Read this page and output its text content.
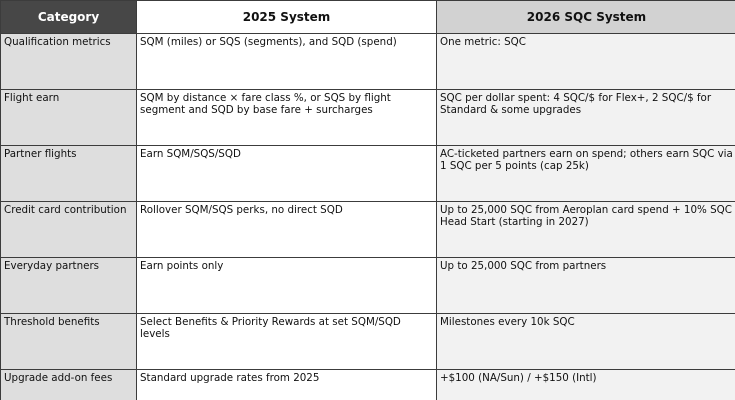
Category	2025 System	2026 SQC System
Qualification metrics	SQM (miles) or SQS (segments), and SQD (spend)	One metric: SQC
Flight earn	SQM by distance × fare class %, or SQS by flight segment and SQD by base fare + surcharges	SQC per dollar spent: 4 SQC/$ for Flex+, 2 SQC/$ for Standard & some upgrades
Partner flights	Earn SQM/SQS/SQD	AC-ticketed partners earn on spend; others earn SQC via 1 SQC per 5 points (cap 25k)
Credit card contribution	Rollover SQM/SQS perks, no direct SQD	Up to 25,000 SQC from Aeroplan card spend + 10% SQC Head Start (starting in 2027)
Everyday partners	Earn points only	Up to 25,000 SQC from partners
Threshold benefits	Select Benefits & Priority Rewards at set SQM/SQD levels	Milestones every 10k SQC
Upgrade add-on fees	Standard upgrade rates from 2025	+$100 (NA/Sun) / +$150 (Intl)
